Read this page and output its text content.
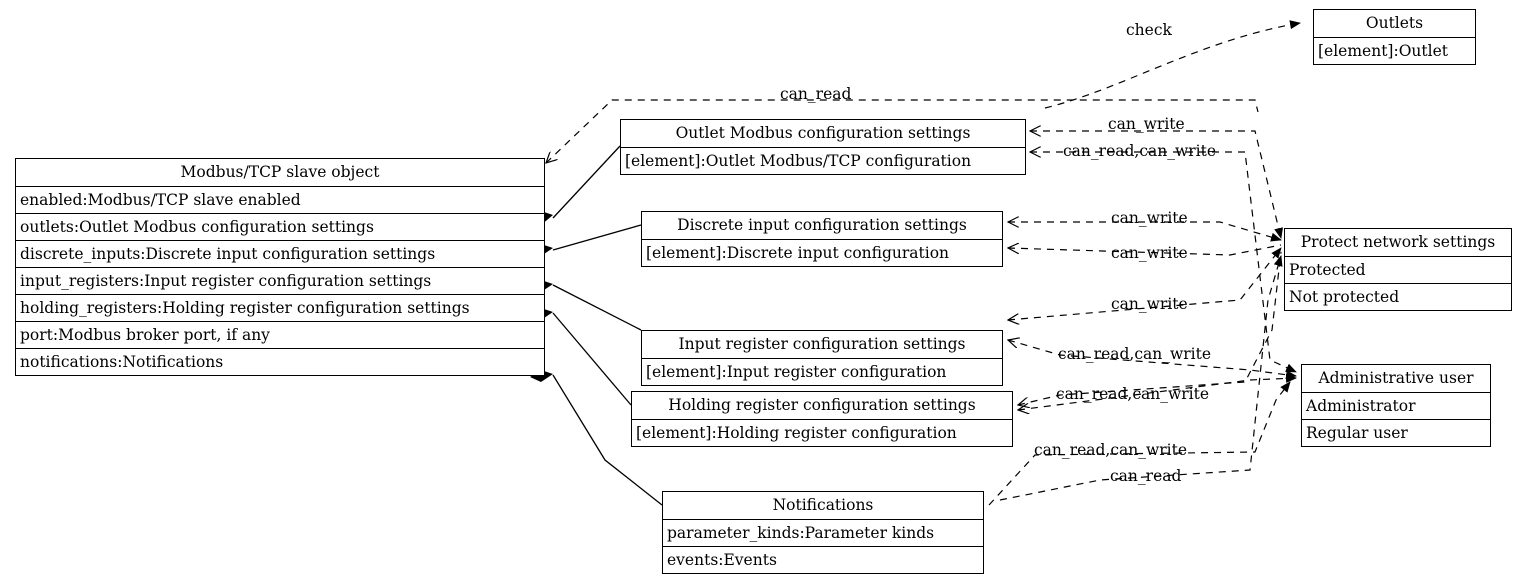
Modbus/TCP slave object
enabled:Modbus/TCP slave enabled
outlets:Outlet Modbus configuration settings
discrete_inputs:Discrete input configuration settings
input_registers:Input register configuration settings
holding_registers:Holding register configuration settings
port:Modbus broker port, if any
notifications:Notifications
Outlet Modbus configuration settings
[element]:Outlet Modbus/TCP configuration
Discrete input configuration settings
[element]:Discrete input configuration
Input register configuration settings
[element]:Input register configuration
Holding register configuration settings
[element]:Holding register configuration
Notifications
parameter_kinds:Parameter kinds
events:Events
Outlets
[element]:Outlet
Protect network settings
Protected
Not protected
Administrative user
Administrator
Regular user
check
can_read
can_write
can_read,can_write
can_write
can_write
can_write
can_read,can_write
can_read,can_write
can_read,can_write
can_read
